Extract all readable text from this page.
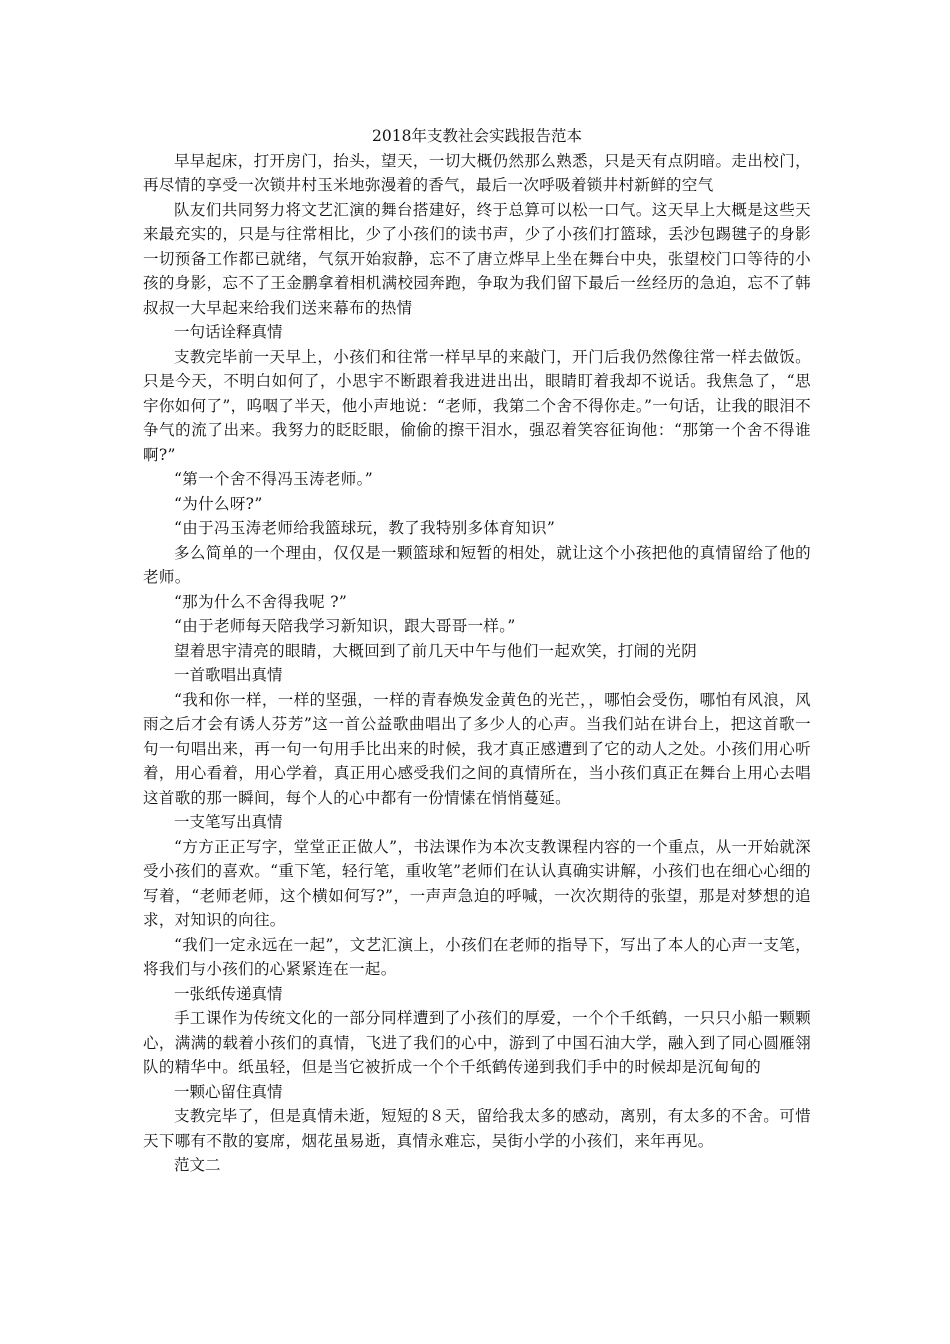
2018年支教社会实践报告范本

早早起床，打开房门，抬头，望天，一切大概仍然那么熟悉，只是天有点阴暗。走出校门，再尽情的享受一次锁井村玉米地弥漫着的香气，最后一次呼吸着锁井村新鲜的空气

队友们共同努力将文艺汇演的舞台搭建好，终于总算可以松一口气。这天早上大概是这些天来最充实的，只是与往常相比，少了小孩们的读书声，少了小孩们打篮球，丢沙包踢毽子的身影一切预备工作都已就绪，气氛开始寂静，忘不了唐立烨早上坐在舞台中央，张望校门口等待的小孩的身影，忘不了王金鹏拿着相机满校园奔跑，争取为我们留下最后一丝经历的急迫，忘不了韩叔叔一大早起来给我们送来幕布的热情

一句话诠释真情

支教完毕前一天早上，小孩们和往常一样早早的来敲门，开门后我仍然像往常一样去做饭。只是今天，不明白如何了，小思宇不断跟着我进进出出，眼睛盯着我却不说话。我焦急了，“思宇你如何了”，呜咽了半天，他小声地说：“老师，我第二个舍不得你走。”一句话，让我的眼泪不争气的流了出来。我努力的眨眨眼，偷偷的擦干泪水，强忍着笑容征询他：“那第一个舍不得谁啊?”

“第一个舍不得冯玉涛老师。”

“为什么呀?”

“由于冯玉涛老师给我篮球玩，教了我特别多体育知识”

多么简单的一个理由，仅仅是一颗篮球和短暂的相处，就让这个小孩把他的真情留给了他的老师。

“那为什么不舍得我呢 ?”

“由于老师每天陪我学习新知识，跟大哥哥一样。”

望着思宇清亮的眼睛，大概回到了前几天中午与他们一起欢笑，打闹的光阴

一首歌唱出真情

“我和你一样，一样的坚强，一样的青春焕发金黄色的光芒，，哪怕会受伤，哪怕有风浪，风雨之后才会有诱人芬芳”这一首公益歌曲唱出了多少人的心声。当我们站在讲台上，把这首歌一句一句唱出来，再一句一句用手比出来的时候，我才真正感遭到了它的动人之处。小孩们用心听着，用心看着，用心学着，真正用心感受我们之间的真情所在，当小孩们真正在舞台上用心去唱这首歌的那一瞬间，每个人的心中都有一份情愫在悄悄蔓延。

一支笔写出真情

“方方正正写字，堂堂正正做人”，书法课作为本次支教课程内容的一个重点，从一开始就深受小孩们的喜欢。“重下笔，轻行笔，重收笔”老师们在认认真确实讲解，小孩们也在细心心细的写着，“老师老师，这个横如何写?”，一声声急迫的呼喊，一次次期待的张望，那是对梦想的追求，对知识的向往。

“我们一定永远在一起”，文艺汇演上，小孩们在老师的指导下，写出了本人的心声一支笔，将我们与小孩们的心紧紧连在一起。

一张纸传递真情

手工课作为传统文化的一部分同样遭到了小孩们的厚爱，一个个千纸鹤，一只只小船一颗颗心，满满的载着小孩们的真情，飞进了我们的心中，游到了中国石油大学，融入到了同心圆雁翎队的精华中。纸虽轻，但是当它被折成一个个千纸鹤传递到我们手中的时候却是沉甸甸的

一颗心留住真情

支教完毕了，但是真情未逝，短短的８天，留给我太多的感动，离别，有太多的不舍。可惜天下哪有不散的宴席，烟花虽易逝，真情永难忘，吴街小学的小孩们，来年再见。

范文二
